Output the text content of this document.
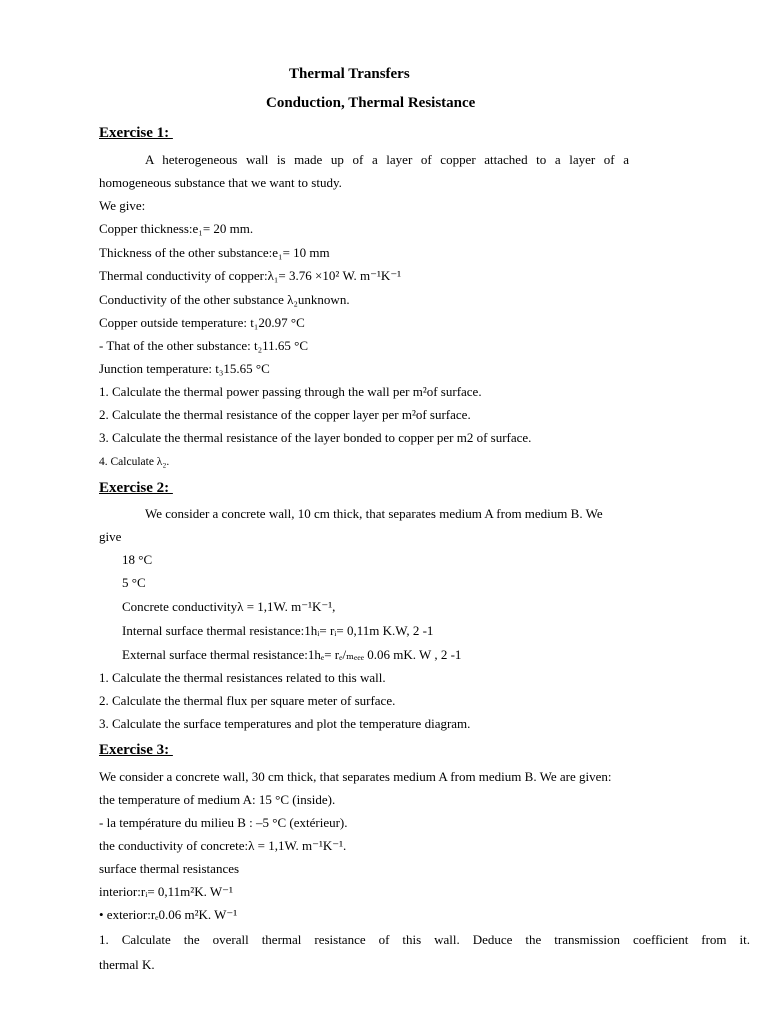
Thermal Transfers
Conduction, Thermal Resistance
Exercise 1:
A heterogeneous wall is made up of a layer of copper attached to a layer of a
homogeneous substance that we want to study.
We give:
Copper thickness:e₁= 20 mm.
Thickness of the other substance:e₁= 10 mm
Thermal conductivity of copper:λ₁= 3.76 ×10² W. m⁻¹K⁻¹
Conductivity of the other substance λ₂unknown.
Copper outside temperature: t₁20.97 °C
- That of the other substance: t₂11.65 °C
Junction temperature: t₃15.65 °C
1. Calculate the thermal power passing through the wall per m²of surface.
2. Calculate the thermal resistance of the copper layer per m²of surface.
3. Calculate the thermal resistance of the layer bonded to copper per m2 of surface.
4. Calculate λ₂.
Exercise 2:
We consider a concrete wall, 10 cm thick, that separates medium A from medium B. We
give
18 °C
5 °C
Concrete conductivityλ = 1,1W. m⁻¹K⁻¹,
Internal surface thermal resistance:1hᵢ= rᵢ= 0,11m K.W, 2 -1
External surface thermal resistance:1hₑ= rₑ/ₘₑₑₑ 0.06 mK. W , 2 -1
1. Calculate the thermal resistances related to this wall.
2. Calculate the thermal flux per square meter of surface.
3. Calculate the surface temperatures and plot the temperature diagram.
Exercise 3:
We consider a concrete wall, 30 cm thick, that separates medium A from medium B. We are given:
the temperature of medium A: 15 °C (inside).
- la température du milieu B : –5 °C (extérieur).
the conductivity of concrete:λ = 1,1W. m⁻¹K⁻¹.
surface thermal resistances
interior:rᵢ= 0,11m²K. W⁻¹
• exterior:rₑ0.06 m²K. W⁻¹
1. Calculate the overall thermal resistance of this wall. Deduce the transmission coefficient from it.
thermal K.
